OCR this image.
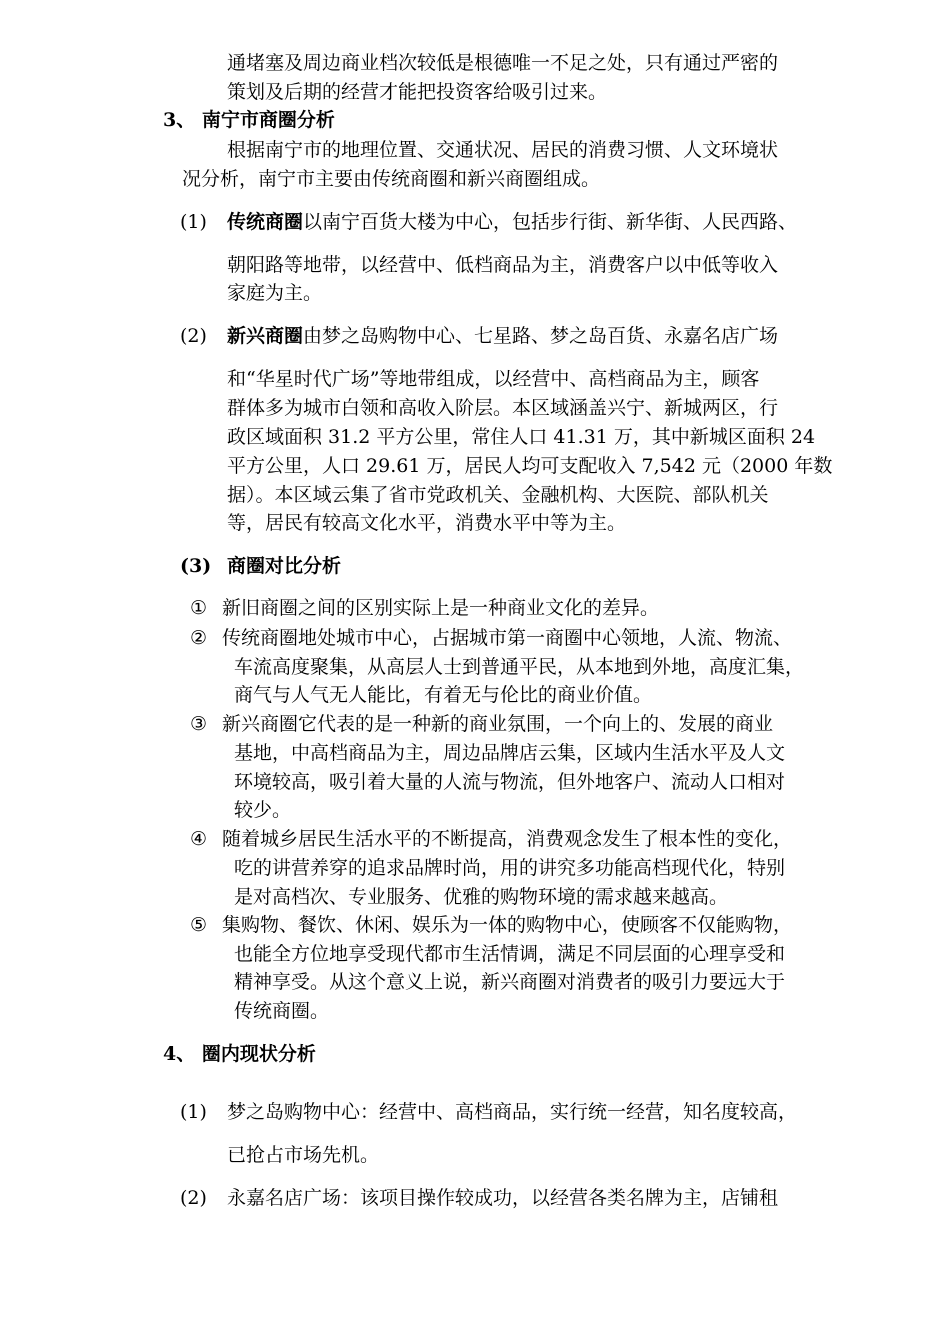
通堵塞及周边商业档次较低是根德唯一不足之处，只有通过严密的
策划及后期的经营才能把投资客给吸引过来。
3、 南宁市商圈分析
根据南宁市的地理位置、交通状况、居民的消费习惯、人文环境状
况分析，南宁市主要由传统商圈和新兴商圈组成。
(1) 传统商圈以南宁百货大楼为中心，包括步行街、新华街、人民西路、
朝阳路等地带，以经营中、低档商品为主，消费客户以中低等收入
家庭为主。
(2) 新兴商圈由梦之岛购物中心、七星路、梦之岛百货、永嘉名店广场
和“华星时代广场”等地带组成，以经营中、高档商品为主，顾客
群体多为城市白领和高收入阶层。本区域涵盖兴宁、新城两区，行
政区域面积 31.2 平方公里，常住人口 41.31 万，其中新城区面积 24
平方公里，人口 29.61 万，居民人均可支配收入 7,542 元（2000 年数
据）。本区域云集了省市党政机关、金融机构、大医院、部队机关
等，居民有较高文化水平，消费水平中等为主。
(3) 商圈对比分析
① 新旧商圈之间的区别实际上是一种商业文化的差异。
② 传统商圈地处城市中心，占据城市第一商圈中心领地，人流、物流、
车流高度聚集，从高层人士到普通平民，从本地到外地，高度汇集，
商气与人气无人能比，有着无与伦比的商业价值。
③ 新兴商圈它代表的是一种新的商业氛围，一个向上的、发展的商业
基地，中高档商品为主，周边品牌店云集，区域内生活水平及人文
环境较高，吸引着大量的人流与物流，但外地客户、流动人口相对
较少。
④ 随着城乡居民生活水平的不断提高，消费观念发生了根本性的变化，
吃的讲营养穿的追求品牌时尚，用的讲究多功能高档现代化，特别
是对高档次、专业服务、优雅的购物环境的需求越来越高。
⑤ 集购物、餐饮、休闲、娱乐为一体的购物中心，使顾客不仅能购物，
也能全方位地享受现代都市生活情调，满足不同层面的心理享受和
精神享受。从这个意义上说，新兴商圈对消费者的吸引力要远大于
传统商圈。
4、 圈内现状分析
(1) 梦之岛购物中心：经营中、高档商品，实行统一经营，知名度较高，
已抢占市场先机。
(2) 永嘉名店广场：该项目操作较成功，以经营各类名牌为主，店铺租
